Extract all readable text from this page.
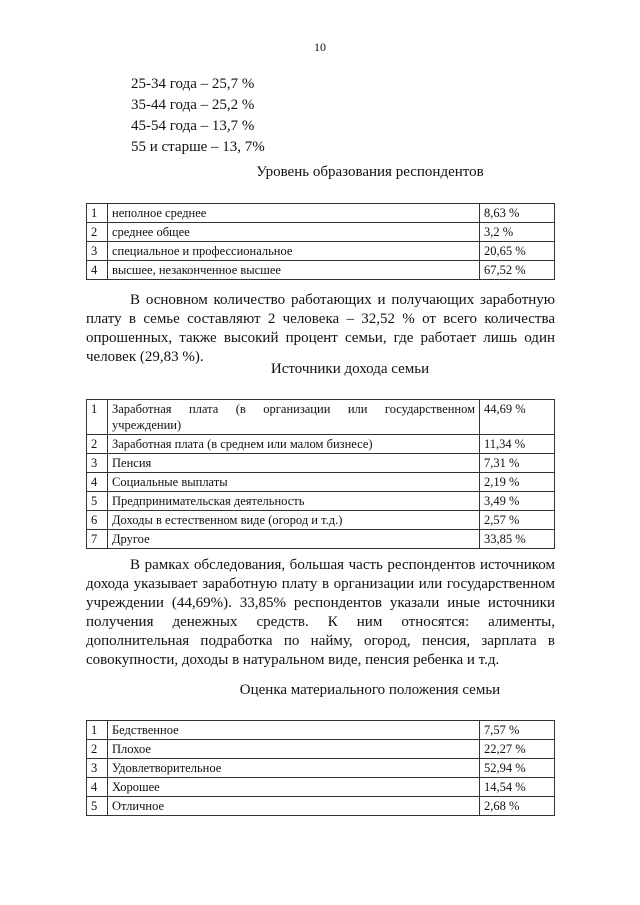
10
25-34 года – 25,7 %
35-44 года – 25,2 %
45-54 года – 13,7 %
55 и старше – 13, 7%
Уровень образования респондентов
1	неполное среднее	8,63 %
2	среднее общее	3,2 %
3	специальное и профессиональное	20,65 %
4	высшее, незаконченное высшее	67,52 %

В основном количество работающих и получающих заработную плату в семье составляют 2 человека – 32,52 % от всего количества опрошенных, также высокий процент семьи, где работает лишь один человек (29,83 %).

Источники дохода семьи
1	Заработная плата (в организации или государственном учреждении)	44,69 %
2	Заработная плата (в среднем или малом бизнесе)	11,34 %
3	Пенсия	7,31 %
4	Социальные выплаты	2,19 %
5	Предпринимательская деятельность	3,49 %
6	Доходы в естественном виде (огород и т.д.)	2,57 %
7	Другое	33,85 %

В рамках обследования, большая часть респондентов источником дохода указывает заработную плату в организации или государственном учреждении (44,69%). 33,85% респондентов указали иные источники получения денежных средств. К ним относятся: алименты, дополнительная подработка по найму, огород, пенсия, зарплата в совокупности, доходы в натуральном виде, пенсия ребенка и т.д.

Оценка материального положения семьи
1	Бедственное	7,57 %
2	Плохое	22,27 %
3	Удовлетворительное	52,94 %
4	Хорошее	14,54 %
5	Отличное	2,68 %
